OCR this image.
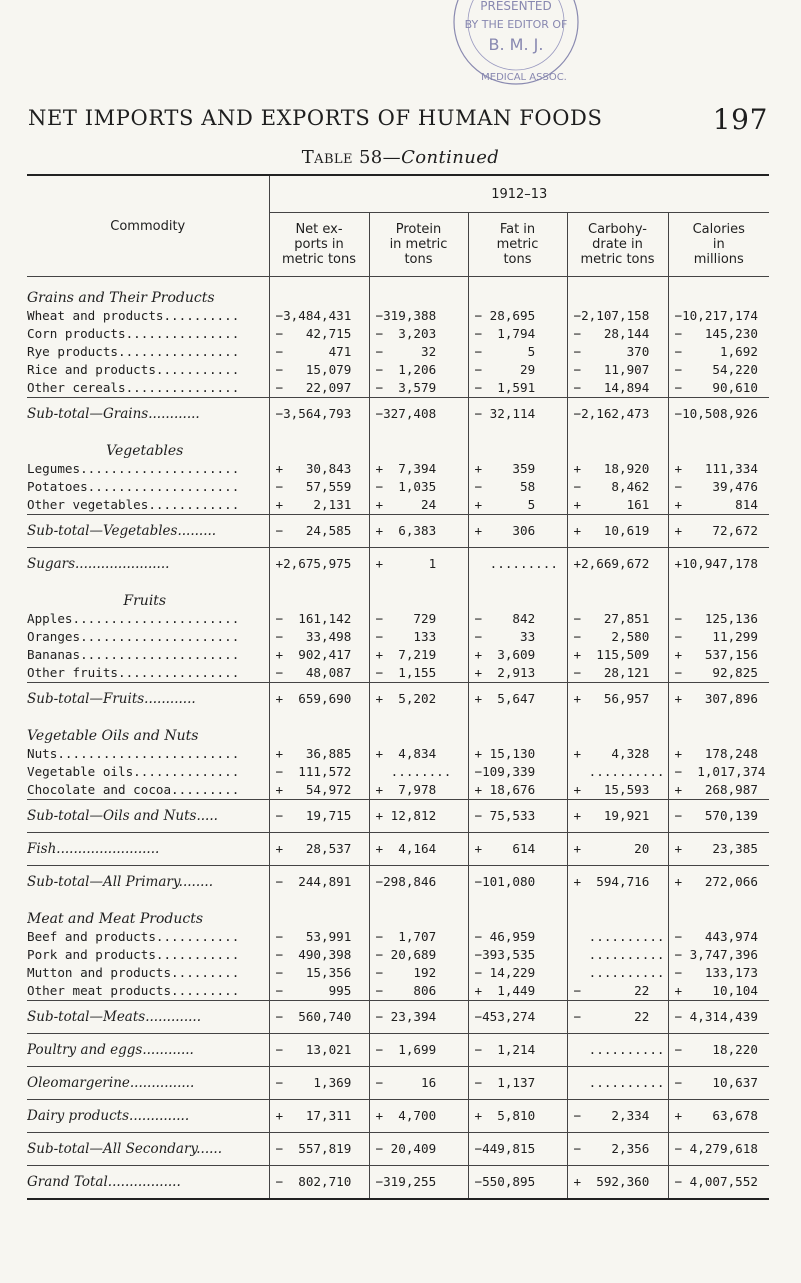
PRESENTED
BY THE EDITOR OF
B. M. J.
MEDICAL ASSOC.
NET IMPORTS AND EXPORTS OF HUMAN FOODS	197
Table 58—Continued
Commodity	1912–13				
	Net ex-
ports in
metric tons	Protein
in metric
tons	Fat in
metric
tons	Carbohy-
drate in
metric tons	Calories
in
millions
Grains and Their Products					
Wheat and products..........	−3,484,431	−319,388	− 28,695	−2,107,158	−10,217,174
Corn products...............	−   42,715	−  3,203	−  1,794	−   28,144	−   145,230
Rye products................	−      471	−     32	−      5	−      370	−     1,692
Rice and products...........	−   15,079	−  1,206	−     29	−   11,907	−    54,220
Other cereals...............	−   22,097	−  3,579	−  1,591	−   14,894	−    90,610
Sub-total—Grains............	−3,564,793	−327,408	− 32,114	−2,162,473	−10,508,926
Vegetables					
Legumes.....................	+   30,843	+  7,394	+    359	+   18,920	+   111,334
Potatoes....................	−   57,559	−  1,035	−     58	−    8,462	−    39,476
Other vegetables............	+    2,131	+     24	+      5	+      161	+       814
Sub-total—Vegetables.........	−   24,585	+  6,383	+    306	+   10,619	+    72,672
Sugars......................	+2,675,975	+      1	.........	+2,669,672	+10,947,178
Fruits					
Apples......................	−  161,142	−    729	−    842	−   27,851	−   125,136
Oranges.....................	−   33,498	−    133	−     33	−    2,580	−    11,299
Bananas.....................	+  902,417	+  7,219	+  3,609	+  115,509	+   537,156
Other fruits................	−   48,087	−  1,155	+  2,913	−   28,121	−    92,825
Sub-total—Fruits............	+  659,690	+  5,202	+  5,647	+   56,957	+   307,896
Vegetable Oils and Nuts					
Nuts........................	+   36,885	+  4,834	+ 15,130	+    4,328	+   178,248
Vegetable oils..............	−  111,572	........	−109,339	..........	−  1,017,374
Chocolate and cocoa.........	+   54,972	+  7,978	+ 18,676	+   15,593	+   268,987
Sub-total—Oils and Nuts.....	−   19,715	+ 12,812	− 75,533	+   19,921	−   570,139
Fish........................	+   28,537	+  4,164	+    614	+       20	+    23,385
Sub-total—All Primary........	−  244,891	−298,846	−101,080	+  594,716	+   272,066
Meat and Meat Products					
Beef and products...........	−   53,991	−  1,707	− 46,959	..........	−   443,974
Pork and products...........	−  490,398	− 20,689	−393,535	..........	− 3,747,396
Mutton and products.........	−   15,356	−    192	− 14,229	..........	−   133,173
Other meat products.........	−      995	−    806	+  1,449	−       22	+    10,104
Sub-total—Meats.............	−  560,740	− 23,394	−453,274	−       22	− 4,314,439
Poultry and eggs............	−   13,021	−  1,699	−  1,214	..........	−    18,220
Oleomargerine...............	−    1,369	−     16	−  1,137	..........	−    10,637
Dairy products..............	+   17,311	+  4,700	+  5,810	−    2,334	+    63,678
Sub-total—All Secondary......	−  557,819	− 20,409	−449,815	−    2,356	− 4,279,618
Grand Total.................	−  802,710	−319,255	−550,895	+  592,360	− 4,007,552
